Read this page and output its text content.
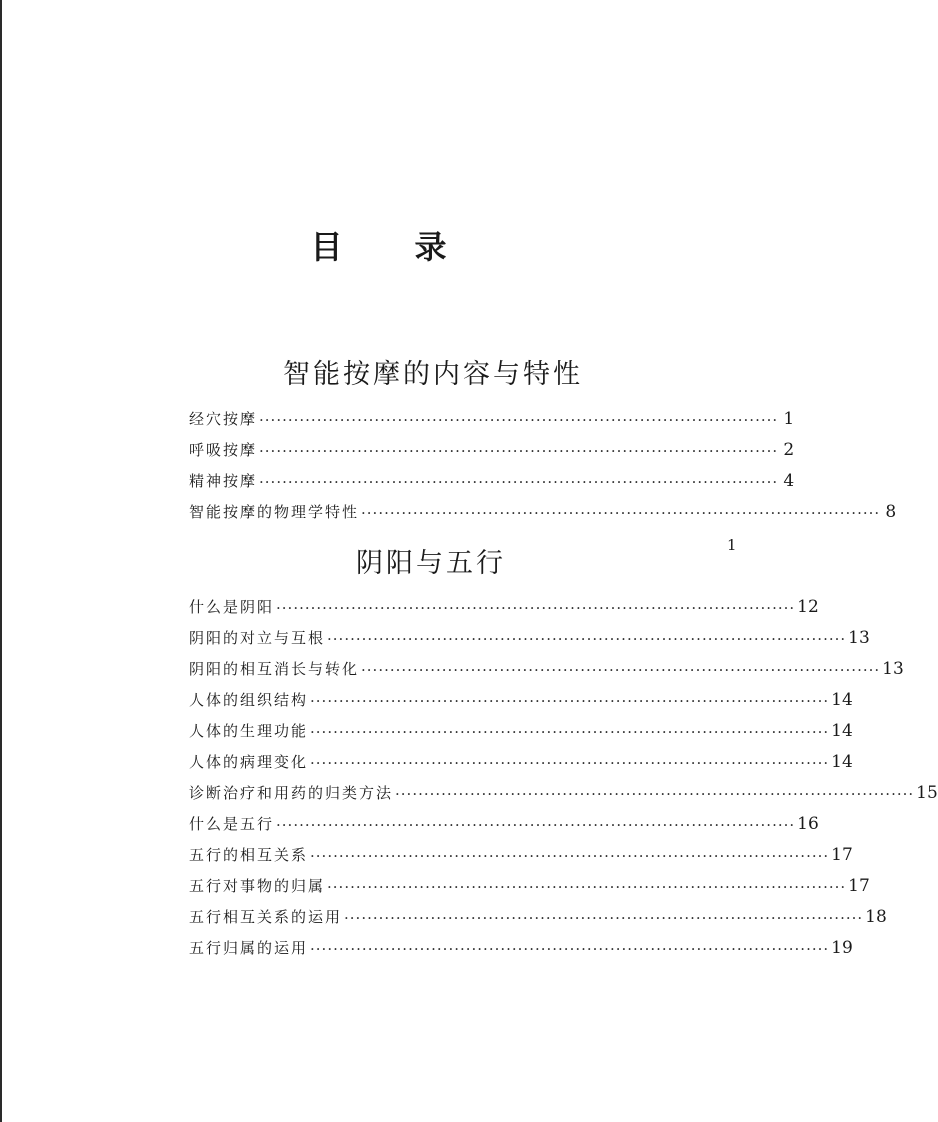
目 录
智能按摩的内容与特性
经穴按摩 ·························································································· 1
呼吸按摩 ·························································································· 2
精神按摩 ·························································································· 4
智能按摩的物理学特性 ·························································································· 8
阴阳与五行
什么是阴阳 ·························································································· 12
阴阳的对立与互根 ·························································································· 13
阴阳的相互消长与转化 ·························································································· 13
人体的组织结构 ·························································································· 14
人体的生理功能 ·························································································· 14
人体的病理变化 ·························································································· 14
诊断治疗和用药的归类方法 ·························································································· 15
什么是五行 ·························································································· 16
五行的相互关系 ·························································································· 17
五行对事物的归属 ·························································································· 17
五行相互关系的运用 ·························································································· 18
五行归属的运用 ·························································································· 19
1
